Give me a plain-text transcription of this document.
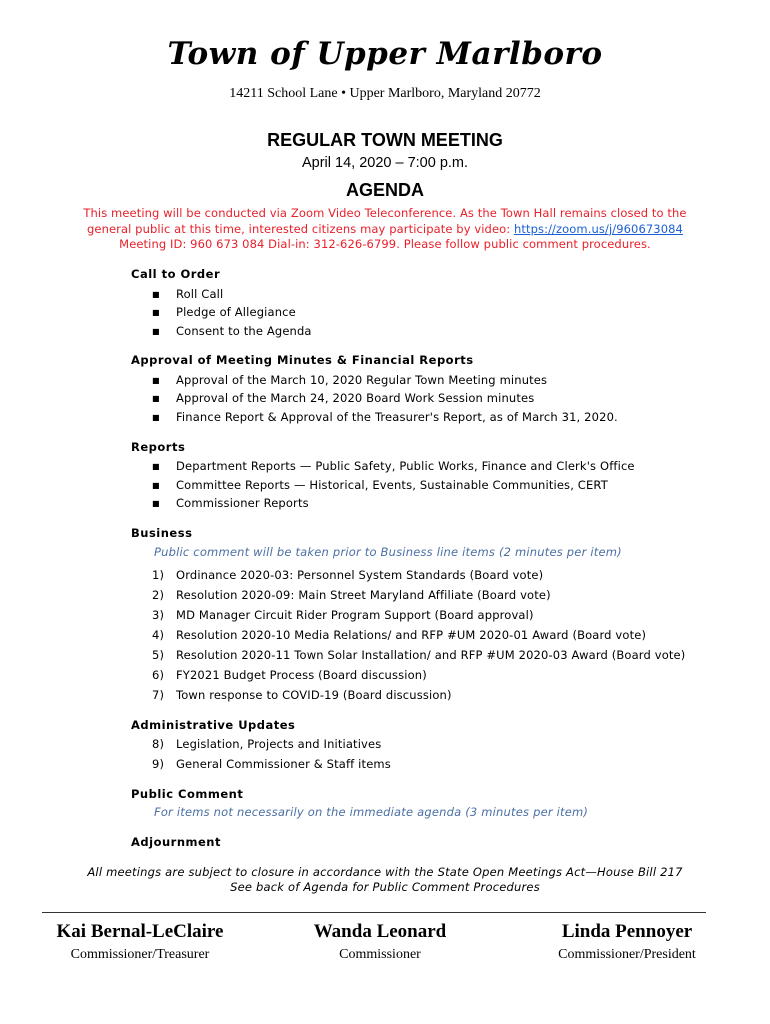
Town of Upper Marlboro
14211 School Lane • Upper Marlboro, Maryland 20772
REGULAR TOWN MEETING
April 14, 2020 – 7:00 p.m.
AGENDA
This meeting will be conducted via Zoom Video Teleconference. As the Town Hall remains closed to the
general public at this time, interested citizens may participate by video: https://zoom.us/j/960673084
Meeting ID: 960 673 084 Dial-in: 312-626-6799. Please follow public comment procedures.
Call to Order
■ Roll Call
■ Pledge of Allegiance
■ Consent to the Agenda
Approval of Meeting Minutes & Financial Reports
■ Approval of the March 10, 2020 Regular Town Meeting minutes
■ Approval of the March 24, 2020 Board Work Session minutes
■ Finance Report & Approval of the Treasurer's Report, as of March 31, 2020.
Reports
■ Department Reports — Public Safety, Public Works, Finance and Clerk's Office
■ Committee Reports — Historical, Events, Sustainable Communities, CERT
■ Commissioner Reports
Business
Public comment will be taken prior to Business line items (2 minutes per item)
1) Ordinance 2020-03: Personnel System Standards (Board vote)
2) Resolution 2020-09: Main Street Maryland Affiliate (Board vote)
3) MD Manager Circuit Rider Program Support (Board approval)
4) Resolution 2020-10 Media Relations/ and RFP #UM 2020-01 Award (Board vote)
5) Resolution 2020-11 Town Solar Installation/ and RFP #UM 2020-03 Award (Board vote)
6) FY2021 Budget Process (Board discussion)
7) Town response to COVID-19 (Board discussion)
Administrative Updates
8) Legislation, Projects and Initiatives
9) General Commissioner & Staff items
Public Comment
For items not necessarily on the immediate agenda (3 minutes per item)
Adjournment
All meetings are subject to closure in accordance with the State Open Meetings Act—House Bill 217
See back of Agenda for Public Comment Procedures
Kai Bernal-LeClaire
Commissioner/Treasurer
Wanda Leonard
Commissioner
Linda Pennoyer
Commissioner/President
